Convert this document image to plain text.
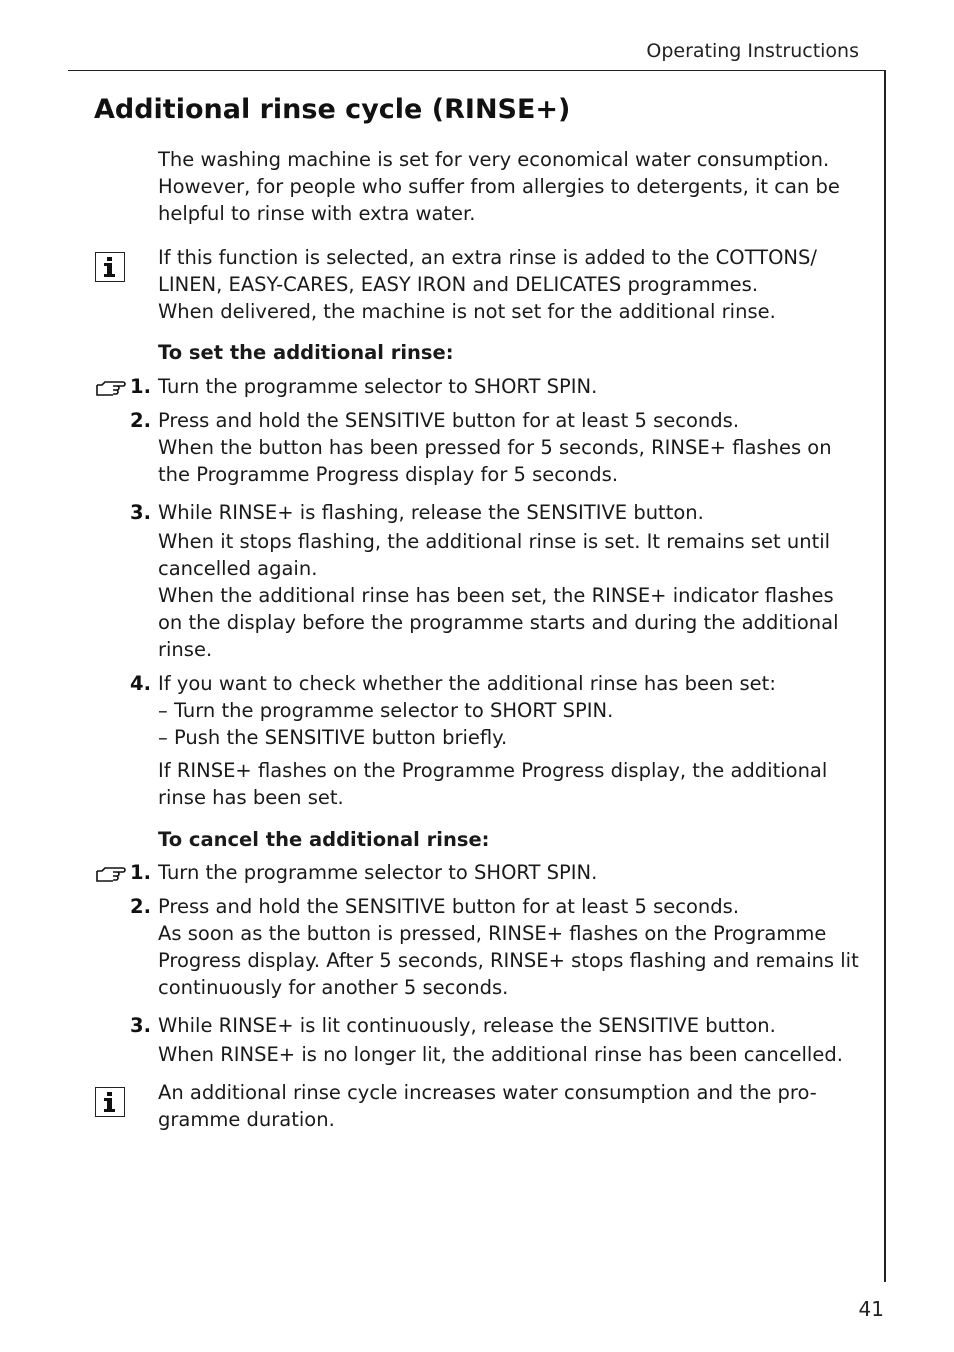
Operating Instructions
Additional rinse cycle (RINSE+)
The washing machine is set for very economical water consumption.
However, for people who suffer from allergies to detergents, it can be
helpful to rinse with extra water.
If this function is selected, an extra rinse is added to the COTTONS/
LINEN, EASY-CARES, EASY IRON and DELICATES programmes.
When delivered, the machine is not set for the additional rinse.
To set the additional rinse:
1. Turn the programme selector to SHORT SPIN.
2. Press and hold the SENSITIVE button for at least 5 seconds.
When the button has been pressed for 5 seconds, RINSE+ flashes on
the Programme Progress display for 5 seconds.
3. While RINSE+ is flashing, release the SENSITIVE button.
When it stops flashing, the additional rinse is set. It remains set until
cancelled again.
When the additional rinse has been set, the RINSE+ indicator flashes
on the display before the programme starts and during the additional
rinse.
4. If you want to check whether the additional rinse has been set:
– Turn the programme selector to SHORT SPIN.
– Push the SENSITIVE button briefly.
If RINSE+ flashes on the Programme Progress display, the additional
rinse has been set.
To cancel the additional rinse:
1. Turn the programme selector to SHORT SPIN.
2. Press and hold the SENSITIVE button for at least 5 seconds.
As soon as the button is pressed, RINSE+ flashes on the Programme
Progress display. After 5 seconds, RINSE+ stops flashing and remains lit
continuously for another 5 seconds.
3. While RINSE+ is lit continuously, release the SENSITIVE button.
When RINSE+ is no longer lit, the additional rinse has been cancelled.
An additional rinse cycle increases water consumption and the pro-
gramme duration.
41
